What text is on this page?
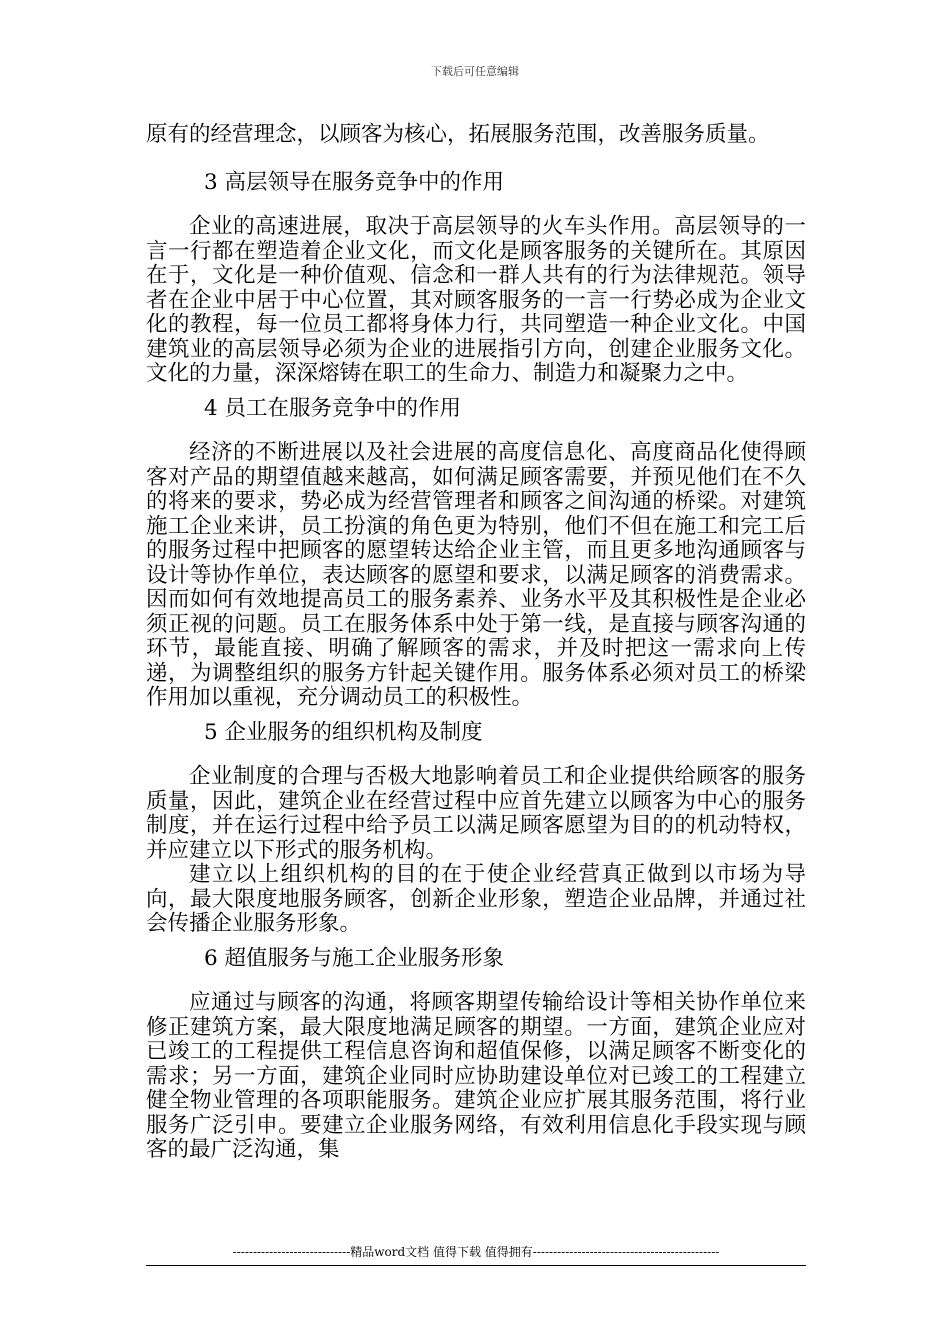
下载后可任意编辑

原有的经营理念，以顾客为核心，拓展服务范围，改善服务质量。

3 高层领导在服务竞争中的作用

企业的高速进展，取决于高层领导的火车头作用。高层领导的一言一行都在塑造着企业文化，而文化是顾客服务的关键所在。其原因在于，文化是一种价值观、信念和一群人共有的行为法律规范。领导者在企业中居于中心位置，其对顾客服务的一言一行势必成为企业文化的教程，每一位员工都将身体力行，共同塑造一种企业文化。中国建筑业的高层领导必须为企业的进展指引方向，创建企业服务文化。文化的力量，深深熔铸在职工的生命力、制造力和凝聚力之中。

4 员工在服务竞争中的作用

经济的不断进展以及社会进展的高度信息化、高度商品化使得顾客对产品的期望值越来越高，如何满足顾客需要，并预见他们在不久的将来的要求，势必成为经营管理者和顾客之间沟通的桥梁。对建筑施工企业来讲，员工扮演的角色更为特别，他们不但在施工和完工后的服务过程中把顾客的愿望转达给企业主管，而且更多地沟通顾客与设计等协作单位，表达顾客的愿望和要求，以满足顾客的消费需求。因而如何有效地提高员工的服务素养、业务水平及其积极性是企业必须正视的问题。员工在服务体系中处于第一线，是直接与顾客沟通的环节，最能直接、明确了解顾客的需求，并及时把这一需求向上传递，为调整组织的服务方针起关键作用。服务体系必须对员工的桥梁作用加以重视，充分调动员工的积极性。

5 企业服务的组织机构及制度

企业制度的合理与否极大地影响着员工和企业提供给顾客的服务质量，因此，建筑企业在经营过程中应首先建立以顾客为中心的服务制度，并在运行过程中给予员工以满足顾客愿望为目的的机动特权，并应建立以下形式的服务机构。

建立以上组织机构的目的在于使企业经营真正做到以市场为导向，最大限度地服务顾客，创新企业形象，塑造企业品牌，并通过社会传播企业服务形象。

6 超值服务与施工企业服务形象

应通过与顾客的沟通，将顾客期望传输给设计等相关协作单位来修正建筑方案，最大限度地满足顾客的期望。一方面，建筑企业应对已竣工的工程提供工程信息咨询和超值保修，以满足顾客不断变化的需求；另一方面，建筑企业同时应协助建设单位对已竣工的工程建立健全物业管理的各项职能服务。建筑企业应扩展其服务范围，将行业服务广泛引申。要建立企业服务网络，有效利用信息化手段实现与顾客的最广泛沟通，集

-----------------------------精品word文档 值得下载 值得拥有----------------------------------------------
